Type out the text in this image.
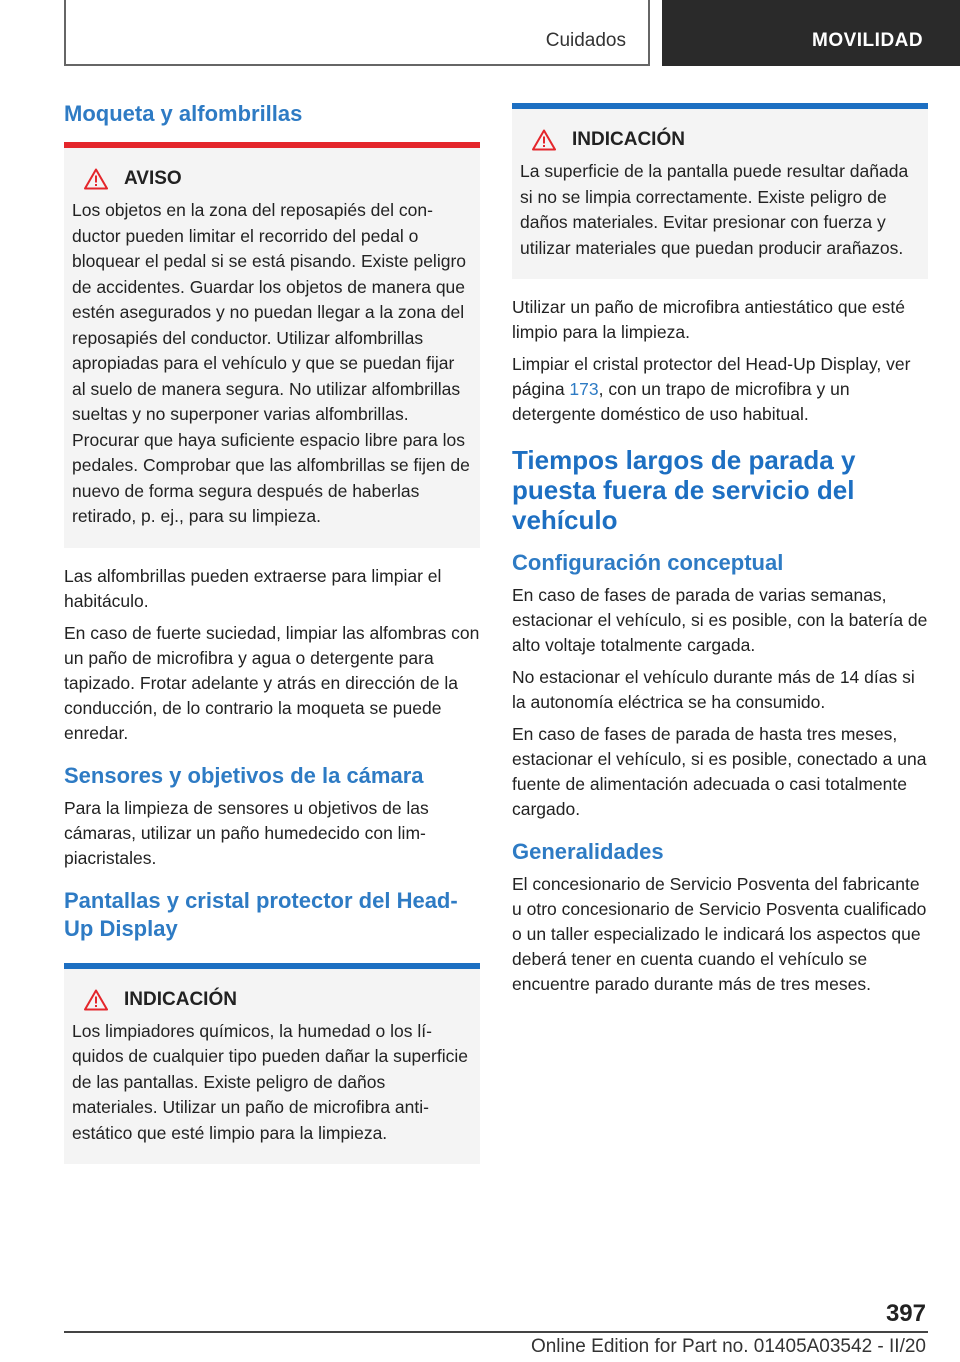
Cuidados	MOVILIDAD
Moqueta y alfombrillas
AVISO

Los objetos en la zona del reposapiés del conductor pueden limitar el recorrido del pedal o bloquear el pedal si se está pisando. Existe peligro de accidentes. Guardar los objetos de manera que estén asegurados y no puedan llegar a la zona del reposapiés del conductor. Utilizar alfombrillas apropiadas para el vehículo y que se puedan fijar al suelo de manera segura. No utilizar alfombrillas sueltas y no superponer varias alfombrillas. Procurar que haya suficiente espacio libre para los pedales. Comprobar que las alfombrillas se fijen de nuevo de forma segura después de haberlas retirado, p. ej., para su limpieza.

Las alfombrillas pueden extraerse para limpiar el habitáculo.

En caso de fuerte suciedad, limpiar las alfombras con un paño de microfibra y agua o detergente para tapizado. Frotar adelante y atrás en dirección de la conducción, de lo contrario la moqueta se puede enredar.

Sensores y objetivos de la cámara

Para la limpieza de sensores u objetivos de las cámaras, utilizar un paño humedecido con limpiacristales.

Pantallas y cristal protector del Head-Up Display
INDICACIÓN

Los limpiadores químicos, la humedad o los líquidos de cualquier tipo pueden dañar la superficie de las pantallas. Existe peligro de daños materiales. Utilizar un paño de microfibra antiestático que esté limpio para la limpieza.

INDICACIÓN

La superficie de la pantalla puede resultar dañada si no se limpia correctamente. Existe peligro de daños materiales. Evitar presionar con fuerza y utilizar materiales que puedan producir arañazos.

Utilizar un paño de microfibra antiestático que esté limpio para la limpieza.

Limpiar el cristal protector del Head-Up Display, ver página 173, con un trapo de microfibra y un detergente doméstico de uso habitual.

Tiempos largos de parada y puesta fuera de servicio del vehículo
Configuración conceptual

En caso de fases de parada de varias semanas, estacionar el vehículo, si es posible, con la batería de alto voltaje totalmente cargada.

No estacionar el vehículo durante más de 14 días si la autonomía eléctrica se ha consumido.

En caso de fases de parada de hasta tres meses, estacionar el vehículo, si es posible, conectado a una fuente de alimentación adecuada o casi totalmente cargado.

Generalidades

El concesionario de Servicio Posventa del fabricante u otro concesionario de Servicio Posventa cualificado o un taller especializado le indicará los aspectos que deberá tener en cuenta cuando el vehículo se encuentre parado durante más de tres meses.

397
Online Edition for Part no. 01405A03542 - II/20
